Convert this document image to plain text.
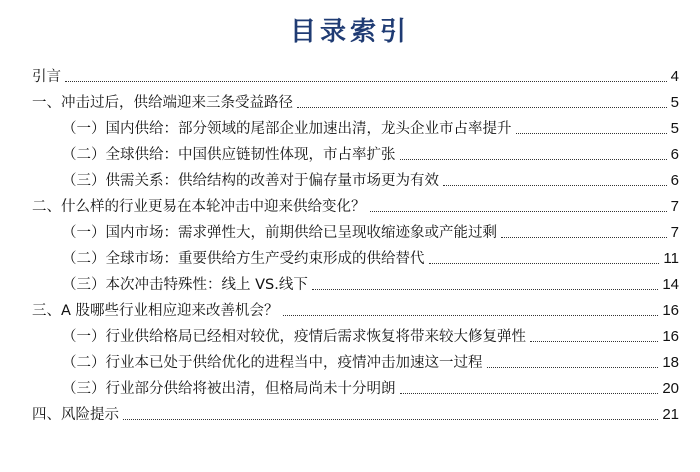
目录索引
引言	4
一、冲击过后，供给端迎来三条受益路径	5
（一）国内供给：部分领域的尾部企业加速出清，龙头企业市占率提升	5
（二）全球供给：中国供应链韧性体现，市占率扩张	6
（三）供需关系：供给结构的改善对于偏存量市场更为有效	6
二、什么样的行业更易在本轮冲击中迎来供给变化？	7
（一）国内市场：需求弹性大，前期供给已呈现收缩迹象或产能过剩	7
（二）全球市场：重要供给方生产受约束形成的供给替代	11
（三）本次冲击特殊性：线上 VS.线下	14
三、A 股哪些行业相应迎来改善机会？	16
（一）行业供给格局已经相对较优，疫情后需求恢复将带来较大修复弹性	16
（二）行业本已处于供给优化的进程当中，疫情冲击加速这一过程	18
（三）行业部分供给将被出清，但格局尚未十分明朗	20
四、风险提示	21
